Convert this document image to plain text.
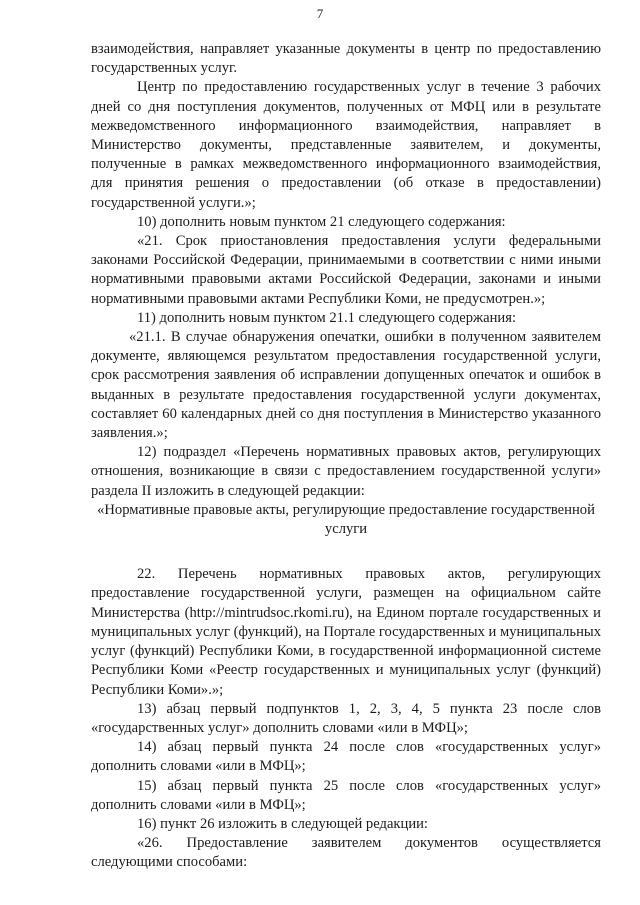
7

взаимодействия, направляет указанные документы в центр по предоставлению государственных услуг.

Центр по предоставлению государственных услуг в течение 3 рабочих дней со дня поступления документов, полученных от МФЦ или в результате межведомственного информационного взаимодействия, направляет в Министерство документы, представленные заявителем, и документы, полученные в рамках межведомственного информационного взаимодействия, для принятия решения о предоставлении (об отказе в предоставлении) государственной услуги.»;

10) дополнить новым пунктом 21 следующего содержания:

«21. Срок приостановления предоставления услуги федеральными законами Российской Федерации, принимаемыми в соответствии с ними иными нормативными правовыми актами Российской Федерации, законами и иными нормативными правовыми актами Республики Коми, не предусмотрен.»;

11) дополнить новым пунктом 21.1 следующего содержания:

«21.1. В случае обнаружения опечатки, ошибки в полученном заявителем документе, являющемся результатом предоставления государственной услуги, срок рассмотрения заявления об исправлении допущенных опечаток и ошибок в выданных в результате предоставления государственной услуги документах, составляет 60 календарных дней со дня поступления в Министерство указанного заявления.»;

12) подраздел «Перечень нормативных правовых актов, регулирующих отношения, возникающие в связи с предоставлением государственной услуги» раздела II изложить в следующей редакции:

«Нормативные правовые акты, регулирующие предоставление государственной услуги

22. Перечень нормативных правовых актов, регулирующих предоставление государственной услуги, размещен на официальном сайте Министерства (http://mintrudsoc.rkomi.ru), на Едином портале государственных и муниципальных услуг (функций), на Портале государственных и муниципальных услуг (функций) Республики Коми, в государственной информационной системе Республики Коми «Реестр государственных и муниципальных услуг (функций) Республики Коми».»;

13) абзац первый подпунктов 1, 2, 3, 4, 5 пункта 23 после слов «государственных услуг» дополнить словами «или в МФЦ»;

14) абзац первый пункта 24 после слов «государственных услуг» дополнить словами «или в МФЦ»;

15) абзац первый пункта 25 после слов «государственных услуг» дополнить словами «или в МФЦ»;

16) пункт 26 изложить в следующей редакции:

«26. Предоставление заявителем документов осуществляется следующими способами:
